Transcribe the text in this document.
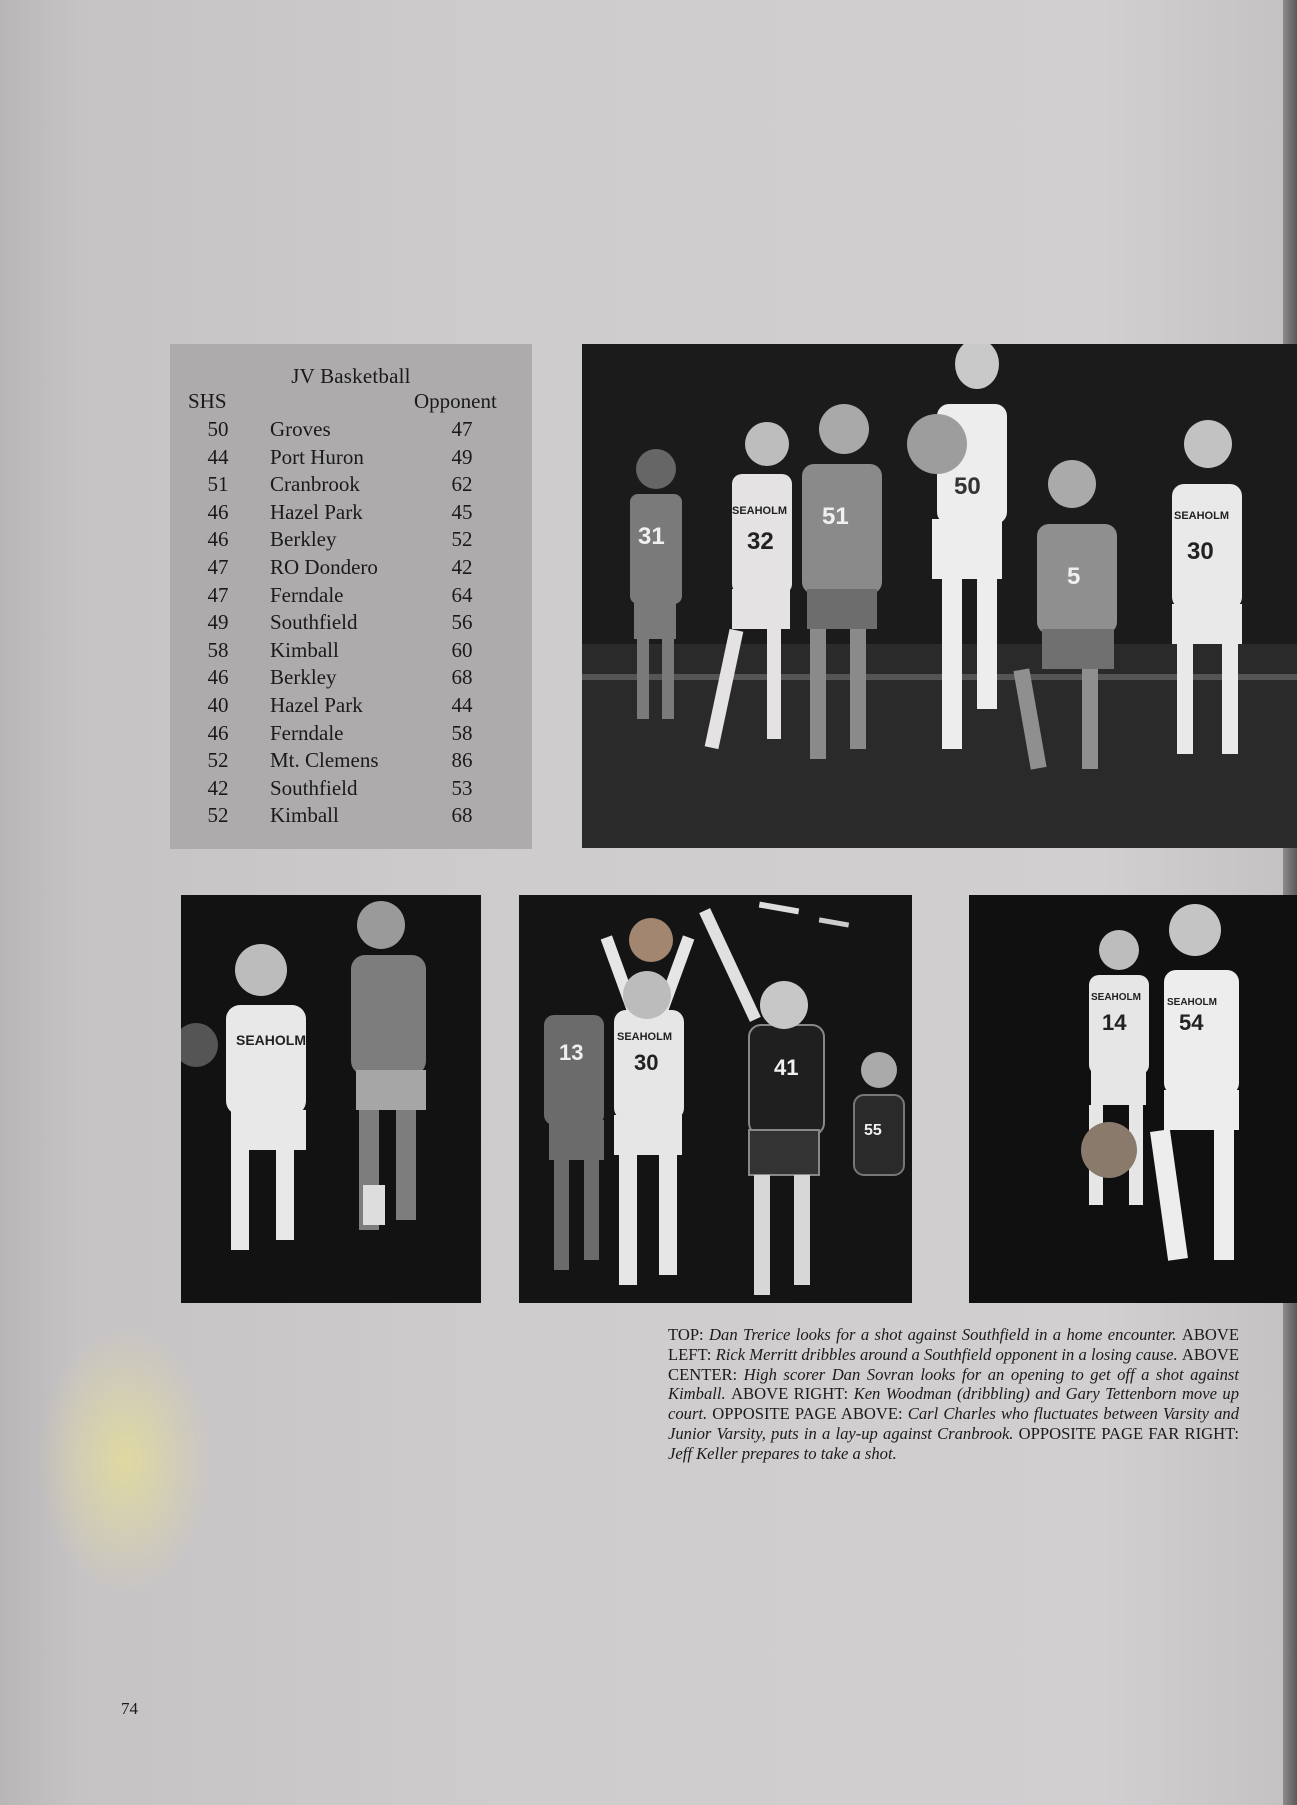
JV Basketball
SHS	Opponent
50	Groves	47
44	Port Huron	49
51	Cranbrook	62
46	Hazel Park	45
46	Berkley	52
47	RO Dondero	42
47	Ferndale	64
49	Southfield	56
58	Kimball	60
46	Berkley	68
40	Hazel Park	44
46	Ferndale	58
52	Mt. Clemens	86
42	Southfield	53
52	Kimball	68
31	32
51
50
5
30
SEAHOLM	SEAHOLM
SEAHOLM	13 30	41
55
SEAHOLM
14 54
SEAHOLM	SEAHOLM
TOP: Dan Trerice looks for a shot against Southfield in a home encounter. ABOVE LEFT: Rick Merritt dribbles around a Southfield opponent in a losing cause. ABOVE CENTER: High scorer Dan Sovran looks for an opening to get off a shot against Kimball. ABOVE RIGHT: Ken Woodman (dribbling) and Gary Tettenborn move up court. OPPOSITE PAGE ABOVE: Carl Charles who fluctuates between Varsity and Junior Varsity, puts in a lay-up against Cranbrook. OPPOSITE PAGE FAR RIGHT: Jeff Keller prepares to take a shot.
74
